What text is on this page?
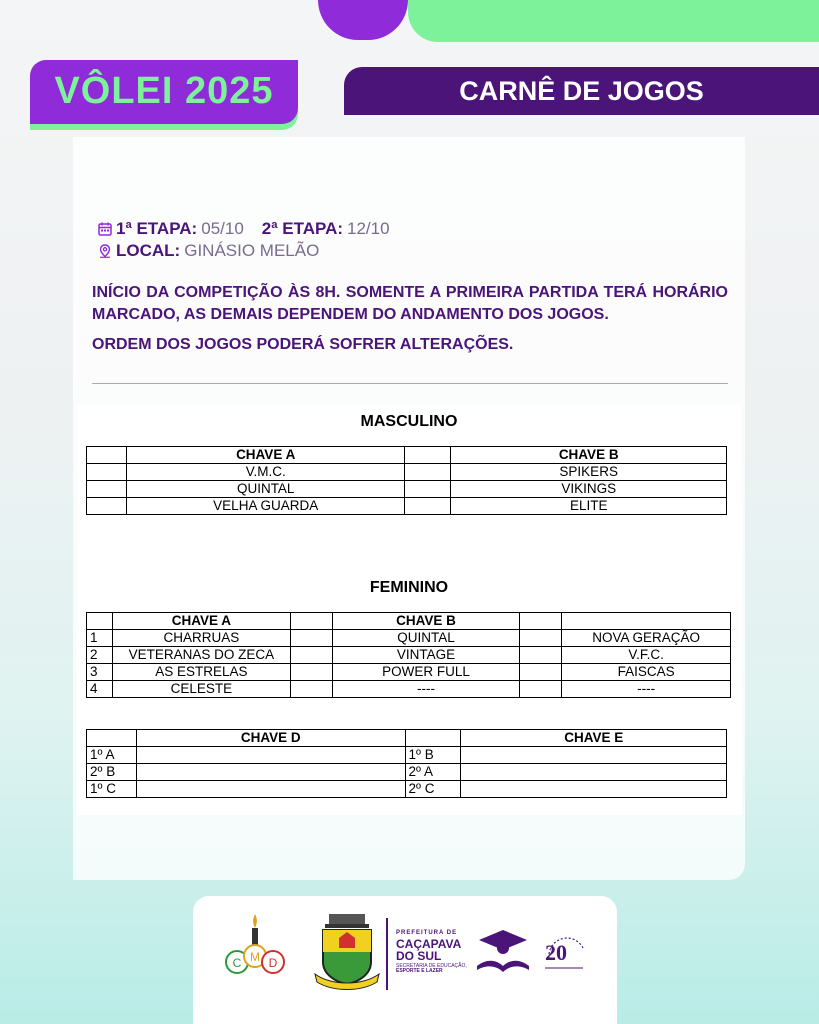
VÔLEI 2025	CARNÊ DE JOGOS
1ª ETAPA: 05/10 2ª ETAPA: 12/10
LOCAL: GINÁSIO MELÃO

INÍCIO DA COMPETIÇÃO ÀS 8H. SOMENTE A PRIMEIRA PARTIDA TERÁ HORÁRIO MARCADO, AS DEMAIS DEPENDEM DO ANDAMENTO DOS JOGOS.

ORDEM DOS JOGOS PODERÁ SOFRER ALTERAÇÕES.

MASCULINO
	CHAVE A		CHAVE B
	V.M.C.		SPIKERS
	QUINTAL		VIKINGS
	VELHA GUARDA		ELITE
FEMININO
	CHAVE A		CHAVE B		
1	CHARRUAS		QUINTAL		NOVA GERAÇÃO
2	VETERANAS DO ZECA		VINTAGE		V.F.C.
3	AS ESTRELAS		POWER FULL		FAISCAS
4	CELESTE		----		----
	CHAVE D		CHAVE E
1º A		1º B	
2º B		2º A	
1º C		2º C	
C M D
PREFEITURA DE
CAÇAPAVA
DO SUL
SECRETARIA DE EDUCAÇÃO,
ESPORTE E LAZER
20
